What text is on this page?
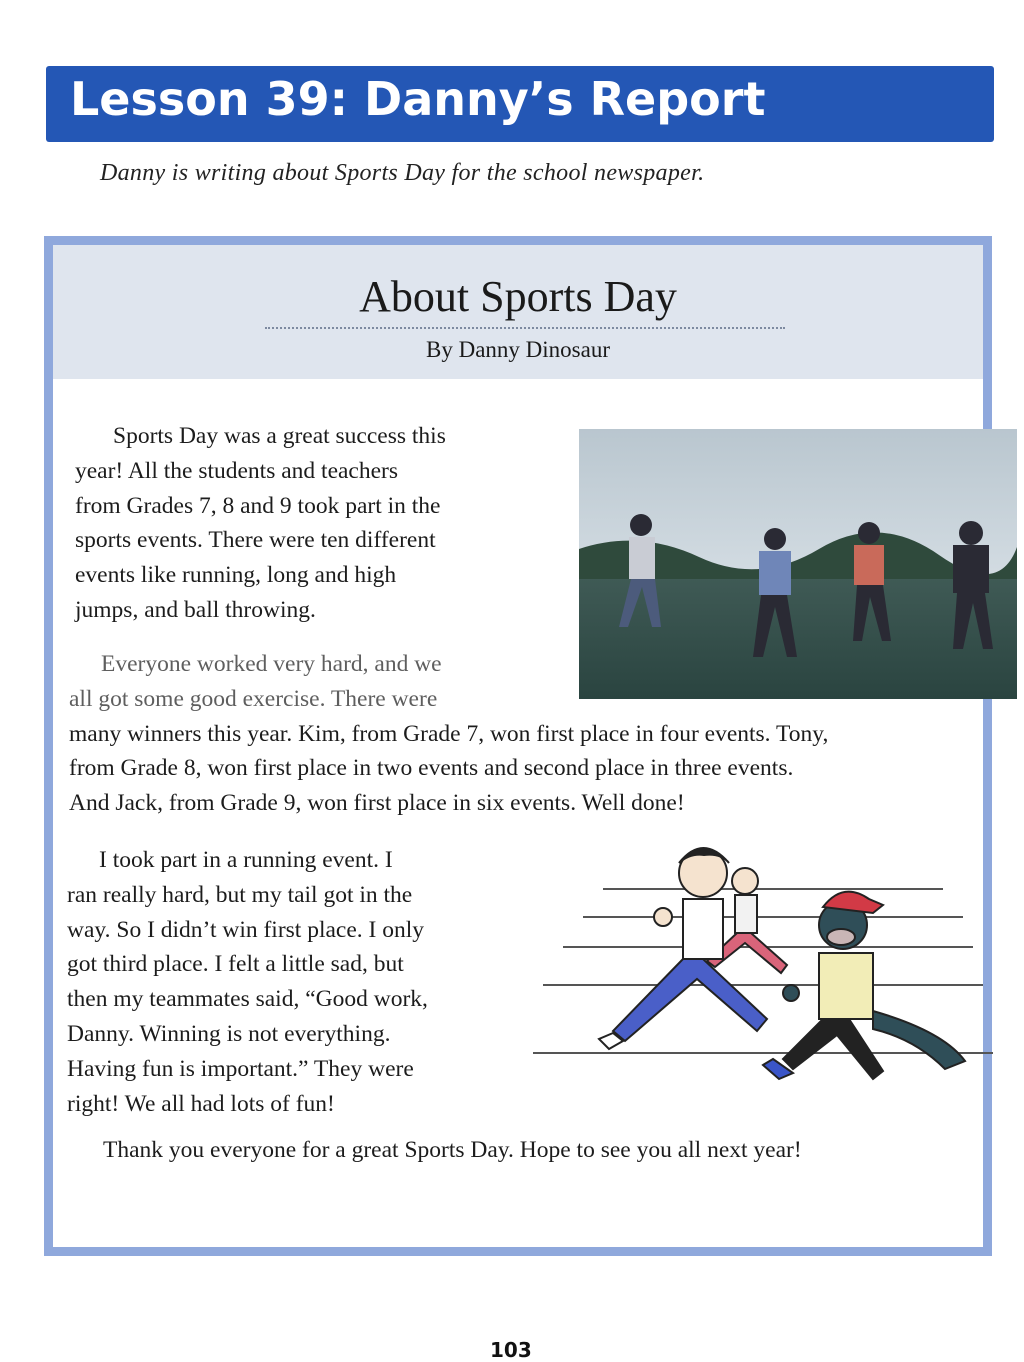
Lesson 39: Danny’s Report
Danny is writing about Sports Day for the school newspaper.
About Sports Day
By Danny Dinosaur
Sports Day was a great success this
year! All the students and teachers
from Grades 7, 8 and 9 took part in the
sports events. There were ten different
events like running, long and high
jumps, and ball throwing.
Everyone worked very hard, and we
all got some good exercise. There were
many winners this year. Kim, from Grade 7, won first place in four events. Tony,
from Grade 8, won first place in two events and second place in three events.
And Jack, from Grade 9, won first place in six events. Well done!
I took part in a running event. I
ran really hard, but my tail got in the
way. So I didn’t win first place. I only
got third place. I felt a little sad, but
then my teammates said, “Good work,
Danny. Winning is not everything.
Having fun is important.” They were
right! We all had lots of fun!
Thank you everyone for a great Sports Day. Hope to see you all next year!
103
